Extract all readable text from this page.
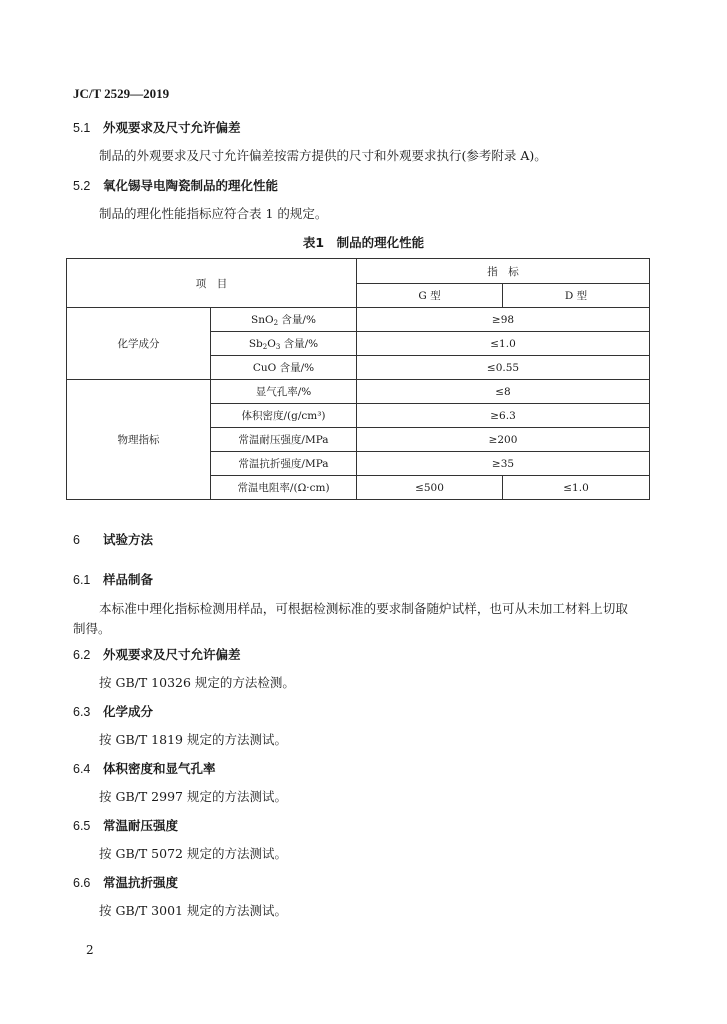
JC/T 2529—2019
5.1 外观要求及尺寸允许偏差
制品的外观要求及尺寸允许偏差按需方提供的尺寸和外观要求执行(参考附录 A)。
5.2 氧化锡导电陶瓷制品的理化性能
制品的理化性能指标应符合表 1 的规定。
表1　制品的理化性能
项　目		指　标	
		G 型	D 型
化学成分	SnO$_2$ 含量/%	≥98	
	$Sb_2O_3$ 含量/%	≤1.0	
	CuO 含量/%	≤0.55	
物理指标	显气孔率/%	≤8	
	体积密度/(g/cm³)	≥6.3	
	常温耐压强度/MPa	≥200	
	常温抗折强度/MPa	≥35	
	常温电阻率/(Ω·cm)	≤500	≤1.0
6 试验方法
6.1 样品制备
本标准中理化指标检测用样品，可根据检测标准的要求制备随炉试样，也可从未加工材料上切取
制得。
6.2 外观要求及尺寸允许偏差
按 GB/T 10326 规定的方法检测。
6.3 化学成分
按 GB/T 1819 规定的方法测试。
6.4 体积密度和显气孔率
按 GB/T 2997 规定的方法测试。
6.5 常温耐压强度
按 GB/T 5072 规定的方法测试。
6.6 常温抗折强度
按 GB/T 3001 规定的方法测试。
2
